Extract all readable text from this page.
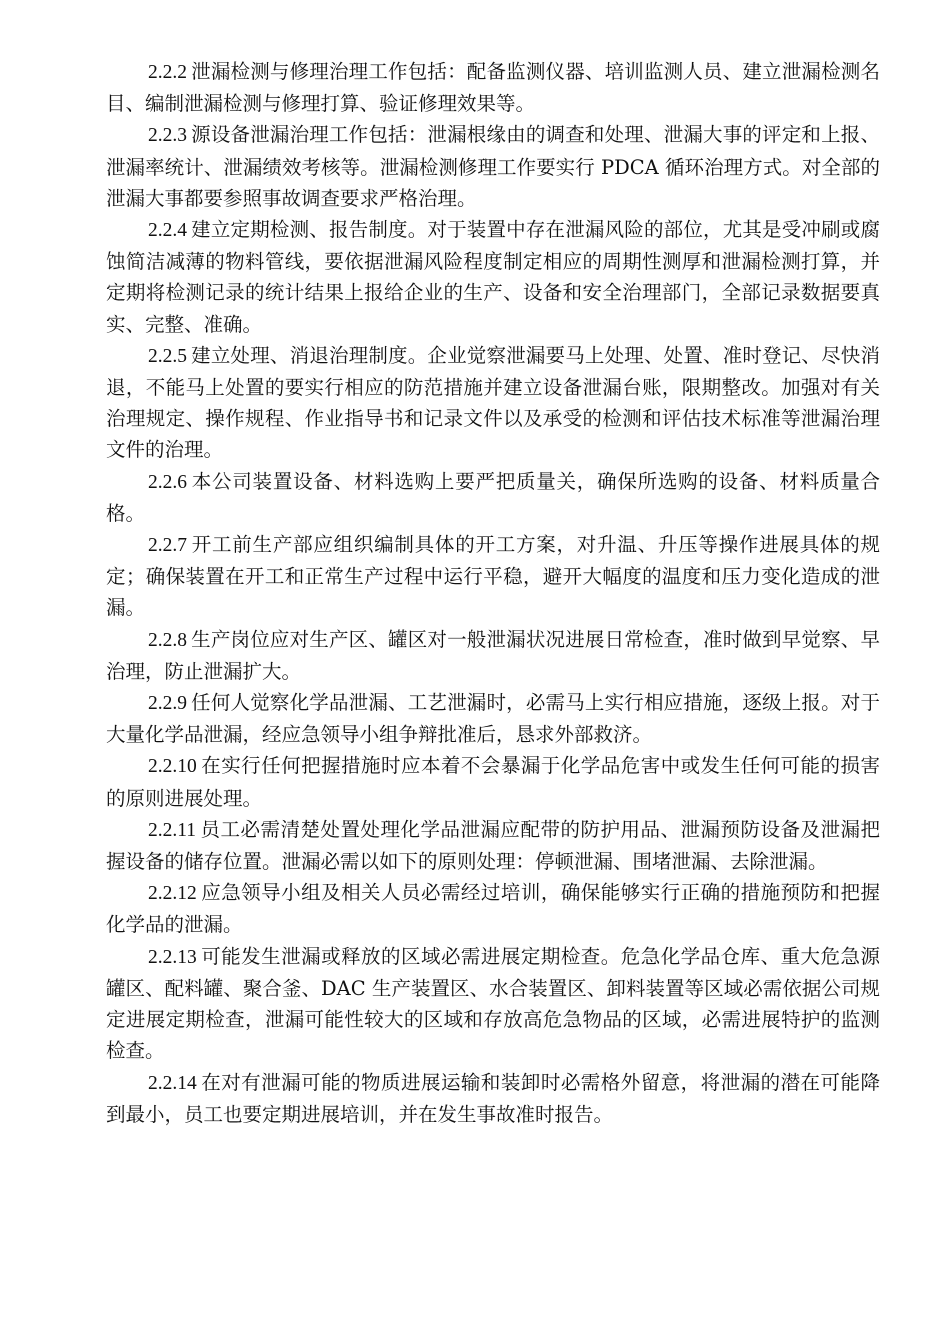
2.2.2 泄漏检测与修理治理工作包括：配备监测仪器、培训监测人员、建立泄漏检测名目、编制泄漏检测与修理打算、验证修理效果等。

2.2.3 源设备泄漏治理工作包括：泄漏根缘由的调查和处理、泄漏大事的评定和上报、泄漏率统计、泄漏绩效考核等。泄漏检测修理工作要实行 PDCA 循环治理方式。对全部的泄漏大事都要参照事故调查要求严格治理。

2.2.4 建立定期检测、报告制度。对于装置中存在泄漏风险的部位，尤其是受冲刷或腐蚀简洁减薄的物料管线，要依据泄漏风险程度制定相应的周期性测厚和泄漏检测打算，并定期将检测记录的统计结果上报给企业的生产、设备和安全治理部门，全部记录数据要真实、完整、准确。

2.2.5 建立处理、消退治理制度。企业觉察泄漏要马上处理、处置、准时登记、尽快消退，不能马上处置的要实行相应的防范措施并建立设备泄漏台账，限期整改。加强对有关治理规定、操作规程、作业指导书和记录文件以及承受的检测和评估技术标准等泄漏治理文件的治理。

2.2.6 本公司装置设备、材料选购上要严把质量关，确保所选购的设备、材料质量合格。

2.2.7 开工前生产部应组织编制具体的开工方案，对升温、升压等操作进展具体的规定；确保装置在开工和正常生产过程中运行平稳，避开大幅度的温度和压力变化造成的泄漏。

2.2.8 生产岗位应对生产区、罐区对一般泄漏状况进展日常检查，准时做到早觉察、早治理，防止泄漏扩大。

2.2.9 任何人觉察化学品泄漏、工艺泄漏时，必需马上实行相应措施，逐级上报。对于大量化学品泄漏，经应急领导小组争辩批准后，恳求外部救济。

2.2.10 在实行任何把握措施时应本着不会暴漏于化学品危害中或发生任何可能的损害的原则进展处理。

2.2.11 员工必需清楚处置处理化学品泄漏应配带的防护用品、泄漏预防设备及泄漏把握设备的储存位置。泄漏必需以如下的原则处理：停顿泄漏、围堵泄漏、去除泄漏。

2.2.12 应急领导小组及相关人员必需经过培训，确保能够实行正确的措施预防和把握化学品的泄漏。

2.2.13 可能发生泄漏或释放的区域必需进展定期检查。危急化学品仓库、重大危急源罐区、配料罐、聚合釜、DAC 生产装置区、水合装置区、卸料装置等区域必需依据公司规定进展定期检查，泄漏可能性较大的区域和存放高危急物品的区域，必需进展特护的监测检查。

2.2.14 在对有泄漏可能的物质进展运输和装卸时必需格外留意，将泄漏的潜在可能降到最小，员工也要定期进展培训，并在发生事故准时报告。
